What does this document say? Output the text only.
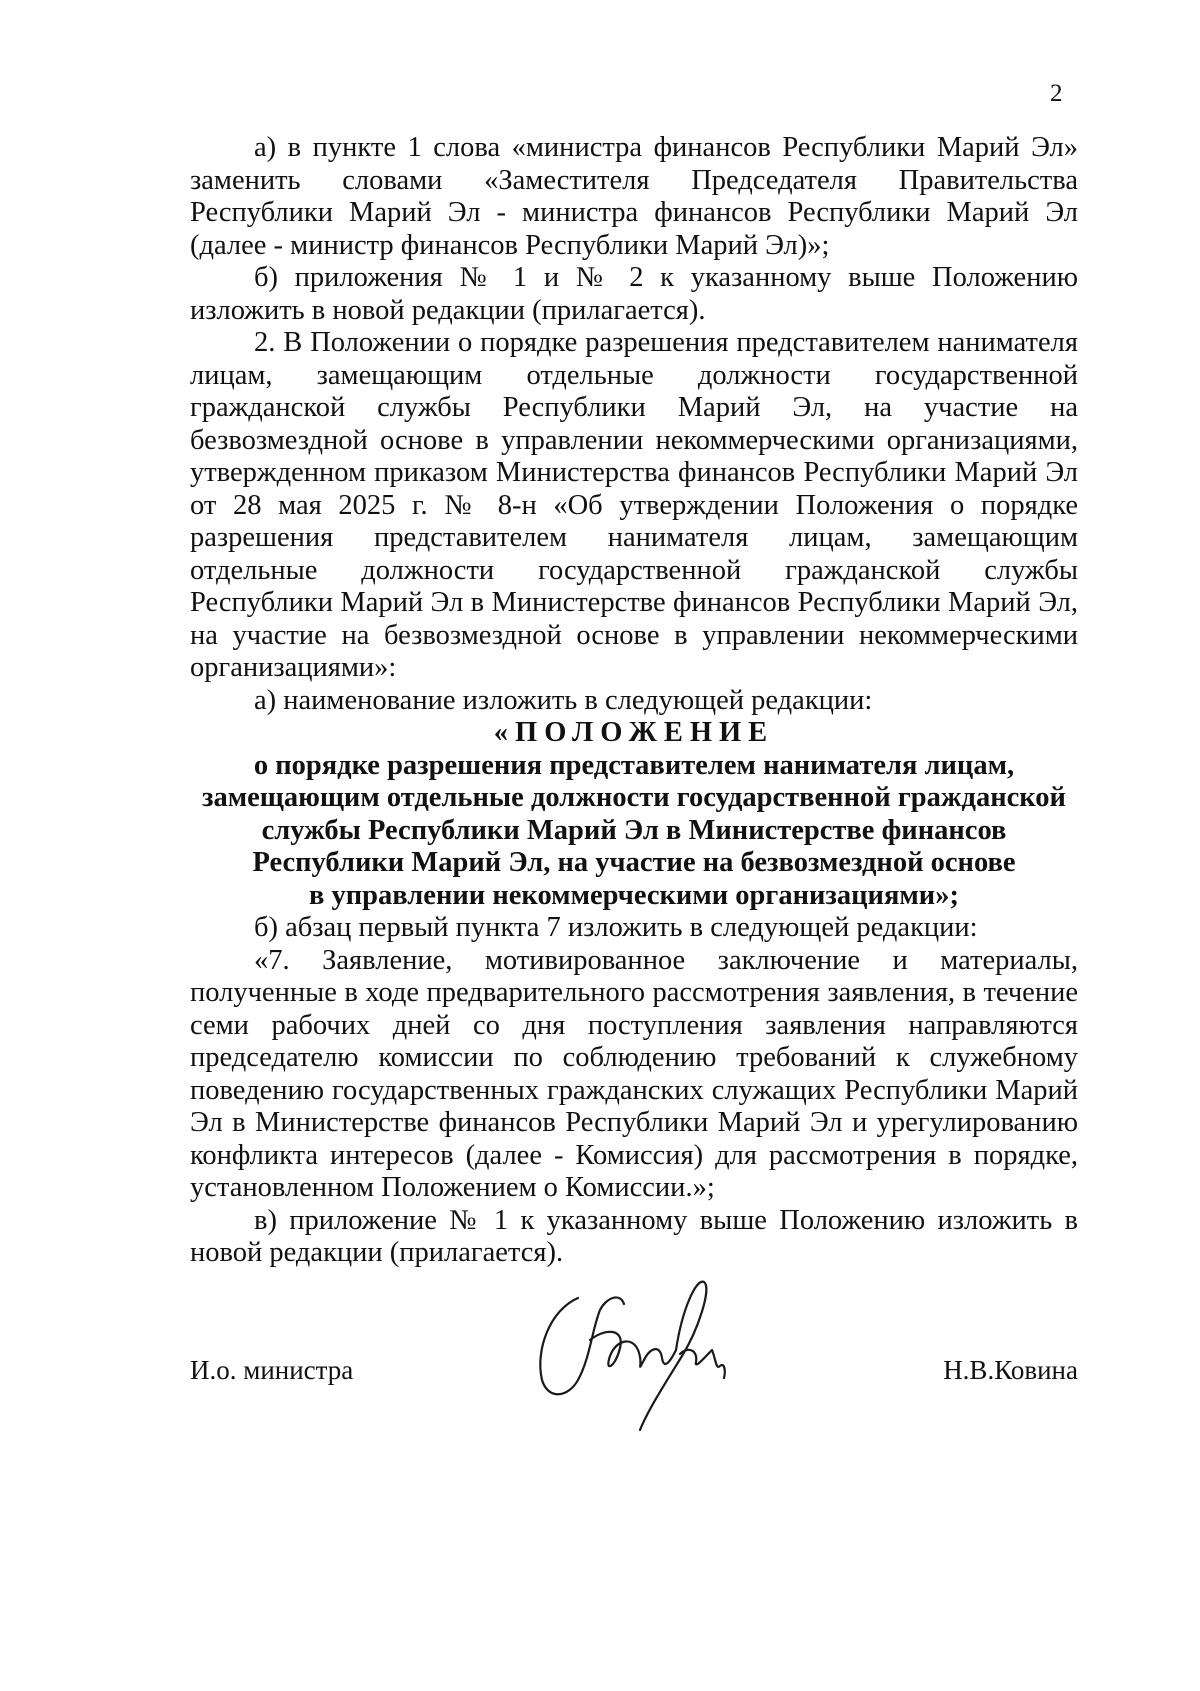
2

а) в пункте 1 слова «министра финансов Республики Марий Эл» заменить словами «Заместителя Председателя Правительства Республики Марий Эл - министра финансов Республики Марий Эл (далее - министр финансов Республики Марий Эл)»;

б) приложения № 1 и № 2 к указанному выше Положению изложить в новой редакции (прилагается).

2. В Положении о порядке разрешения представителем нанимателя лицам, замещающим отдельные должности государственной гражданской службы Республики Марий Эл, на участие на безвозмездной основе в управлении некоммерческими организациями, утвержденном приказом Министерства финансов Республики Марий Эл от 28 мая 2025 г. № 8-н «Об утверждении Положения о порядке разрешения представителем нанимателя лицам, замещающим отдельные должности государственной гражданской службы Республики Марий Эл в Министерстве финансов Республики Марий Эл, на участие на безвозмездной основе в управлении некоммерческими организациями»:

а) наименование изложить в следующей редакции:

«ПОЛОЖЕНИЕ
о порядке разрешения представителем нанимателя лицам,
замещающим отдельные должности государственной гражданской
службы Республики Марий Эл в Министерстве финансов
Республики Марий Эл, на участие на безвозмездной основе
в управлении некоммерческими организациями»;

б) абзац первый пункта 7 изложить в следующей редакции:

«7. Заявление, мотивированное заключение и материалы, полученные в ходе предварительного рассмотрения заявления, в течение семи рабочих дней со дня поступления заявления направляются председателю комиссии по соблюдению требований к служебному поведению государственных гражданских служащих Республики Марий Эл в Министерстве финансов Республики Марий Эл и урегулированию конфликта интересов (далее - Комиссия) для рассмотрения в порядке, установленном Положением о Комиссии.»;

в) приложение № 1 к указанному выше Положению изложить в новой редакции (прилагается).

И.о. министра	Н.В.Ковина
